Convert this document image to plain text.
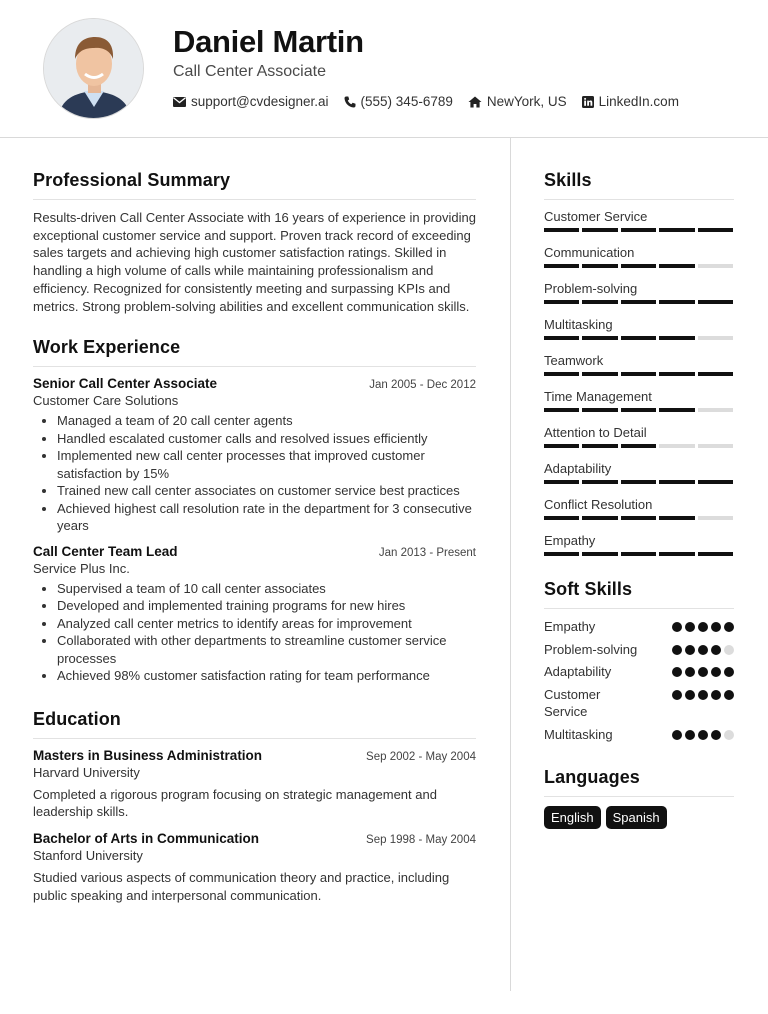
Daniel Martin
Call Center Associate
support@cvdesigner.ai (555) 345-6789	NewYork, US LinkedIn.com
Professional Summary

Results-driven Call Center Associate with 16 years of experience in providing exceptional customer service and support. Proven track record of exceeding sales targets and achieving high customer satisfaction ratings. Skilled in handling a high volume of calls while maintaining professionalism and efficiency. Recognized for consistently meeting and surpassing KPIs and metrics. Strong problem-solving abilities and excellent communication skills.

Work Experience
Senior Call Center Associate	Jan 2005 - Dec 2012
Customer Care Solutions
Managed a team of 20 call center agents
Handled escalated customer calls and resolved issues efficiently
Implemented new call center processes that improved customer satisfaction by 15%
Trained new call center associates on customer service best practices
Achieved highest call resolution rate in the department for 3 consecutive years
Call Center Team Lead	Jan 2013 - Present
Service Plus Inc.
Supervised a team of 10 call center associates
Developed and implemented training programs for new hires
Analyzed call center metrics to identify areas for improvement
Collaborated with other departments to streamline customer service processes
Achieved 98% customer satisfaction rating for team performance
Education
Masters in Business Administration	Sep 2002 - May 2004
Harvard University

Completed a rigorous program focusing on strategic management and leadership skills.

Bachelor of Arts in Communication	Sep 1998 - May 2004
Stanford University

Studied various aspects of communication theory and practice, including public speaking and interpersonal communication.

Skills
Customer Service
Communication
Problem-solving
Multitasking
Teamwork
Time Management
Attention to Detail
Adaptability
Conflict Resolution
Empathy
Soft Skills
Empathy
Problem-solving
Adaptability
Customer Service
Multitasking
Languages
English	Spanish
